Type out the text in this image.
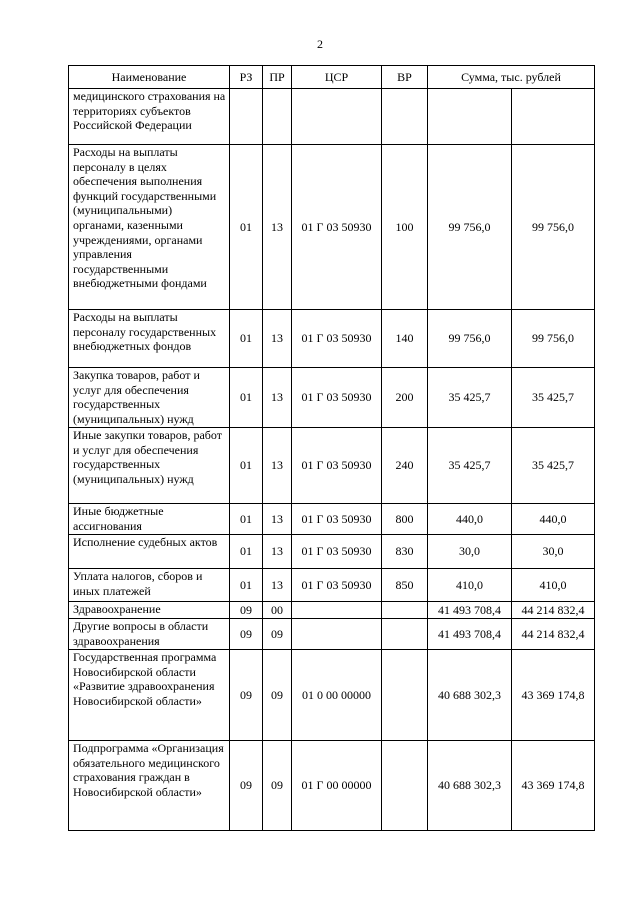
2
Наименование	РЗ	ПР	ЦСР	ВР	Сумма, тыс. рублей	
медицинского страхования на территориях субъектов Российской Федерации						
Расходы на выплаты персоналу в целях обеспечения выполнения функций государственными (муниципальными) органами, казенными учреждениями, органами управления государственными внебюджетными фондами	01	13	01 Г 03 50930	100	99 756,0	99 756,0
Расходы на выплаты персоналу государственных внебюджетных фондов	01	13	01 Г 03 50930	140	99 756,0	99 756,0
Закупка товаров, работ и услуг для обеспечения государственных (муниципальных) нужд	01	13	01 Г 03 50930	200	35 425,7	35 425,7
Иные закупки товаров, работ и услуг для обеспечения государственных (муниципальных) нужд	01	13	01 Г 03 50930	240	35 425,7	35 425,7
Иные бюджетные ассигнования	01	13	01 Г 03 50930	800	440,0	440,0
Исполнение судебных актов	01	13	01 Г 03 50930	830	30,0	30,0
Уплата налогов, сборов и иных платежей	01	13	01 Г 03 50930	850	410,0	410,0
Здравоохранение	09	00			41 493 708,4	44 214 832,4
Другие вопросы в области здравоохранения	09	09			41 493 708,4	44 214 832,4
Государственная программа Новосибирской области «Развитие здравоохранения Новосибирской области»	09	09	01 0 00 00000		40 688 302,3	43 369 174,8
Подпрограмма «Организация обязательного медицинского страхования граждан в Новосибирской области»	09	09	01 Г 00 00000		40 688 302,3	43 369 174,8
